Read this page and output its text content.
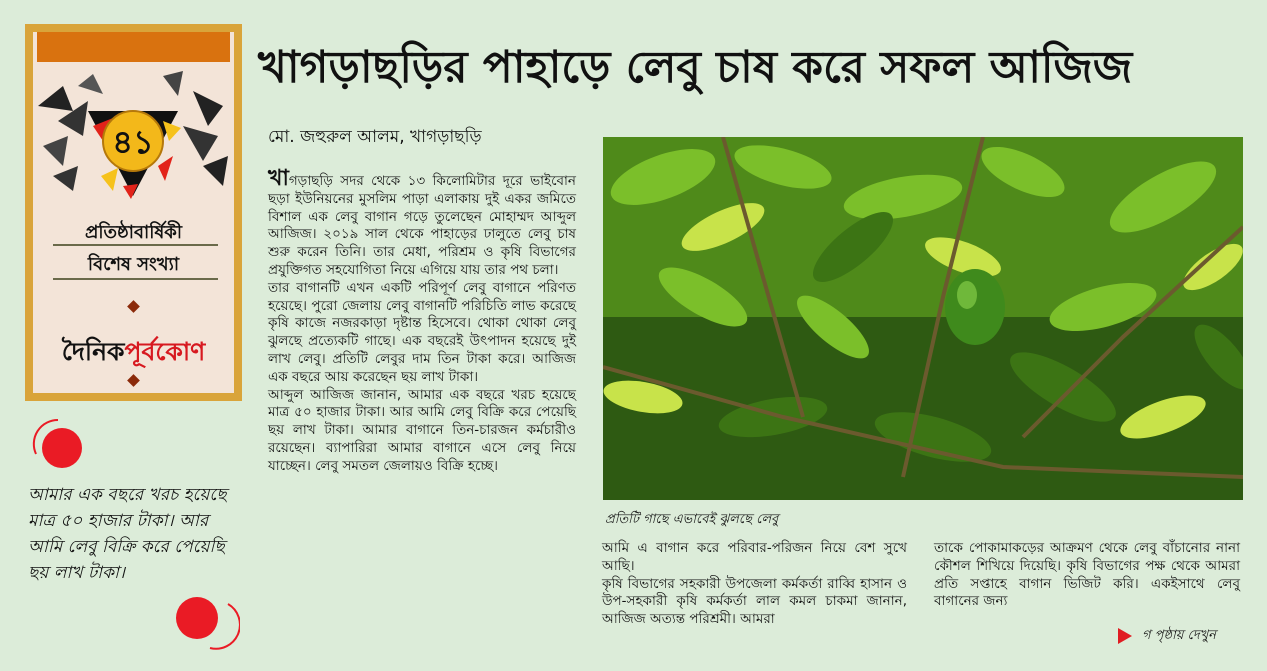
৪১
প্রতিষ্ঠাবার্ষিকী
বিশেষ সংখ্যা
দৈনিকপূর্বকোণ
আমার এক বছরে খরচ হয়েছে মাত্র ৫০ হাজার টাকা। আর আমি লেবু বিক্রি করে পেয়েছি ছয় লাখ টাকা।
খাগড়াছড়ির পাহাড়ে লেবু চাষ করে সফল আজিজ
মো. জহুরুল আলম, খাগড়াছড়ি

খাগড়াছড়ি সদর থেকে ১৩ কিলোমিটার দূরে ভাইবোন ছড়া ইউনিয়নের মুসলিম পাড়া এলাকায় দুই একর জমিতে বিশাল এক লেবু বাগান গড়ে তুলেছেন মোহাম্মদ আব্দুল আজিজ। ২০১৯ সাল থেকে পাহাড়ের ঢালুতে লেবু চাষ শুরু করেন তিনি। তার মেধা, পরিশ্রম ও কৃষি বিভাগের প্রযুক্তিগত সহযোগিতা নিয়ে এগিয়ে যায় তার পথ চলা।

তার বাগানটি এখন একটি পরিপূর্ণ লেবু বাগানে পরিণত হয়েছে। পুরো জেলায় লেবু বাগানটি পরিচিতি লাভ করেছে কৃষি কাজে নজরকাড়া দৃষ্টান্ত হিসেবে। থোকা থোকা লেবু ঝুলছে প্রত্যেকটি গাছে। এক বছরেই উৎপাদন হয়েছে দুই লাখ লেবু। প্রতিটি লেবুর দাম তিন টাকা করে। আজিজ এক বছরে আয় করেছেন ছয় লাখ টাকা।

আব্দুল আজিজ জানান, আমার এক বছরে খরচ হয়েছে মাত্র ৫০ হাজার টাকা। আর আমি লেবু বিক্রি করে পেয়েছি ছয় লাখ টাকা। আমার বাগানে তিন-চারজন কর্মচারীও রয়েছেন। ব্যাপারিরা আমার বাগানে এসে লেবু নিয়ে যাচ্ছেন। লেবু সমতল জেলায়ও বিক্রি হচ্ছে।

প্রতিটি গাছে এভাবেই ঝুলছে লেবু

আমি এ বাগান করে পরিবার-পরিজন নিয়ে বেশ সুখে আছি।

কৃষি বিভাগের সহকারী উপজেলা কর্মকর্তা রাব্বি হাসান ও উপ-সহকারী কৃষি কর্মকর্তা লাল কমল চাকমা জানান, আজিজ অত্যন্ত পরিশ্রমী। আমরা

তাকে পোকামাকড়ের আক্রমণ থেকে লেবু বাঁচানোর নানা কৌশল শিখিয়ে দিয়েছি। কৃষি বিভাগের পক্ষ থেকে আমরা প্রতি সপ্তাহে বাগান ভিজিট করি। একইসাথে লেবু বাগানের জন্য

গ পৃষ্ঠায় দেখুন
